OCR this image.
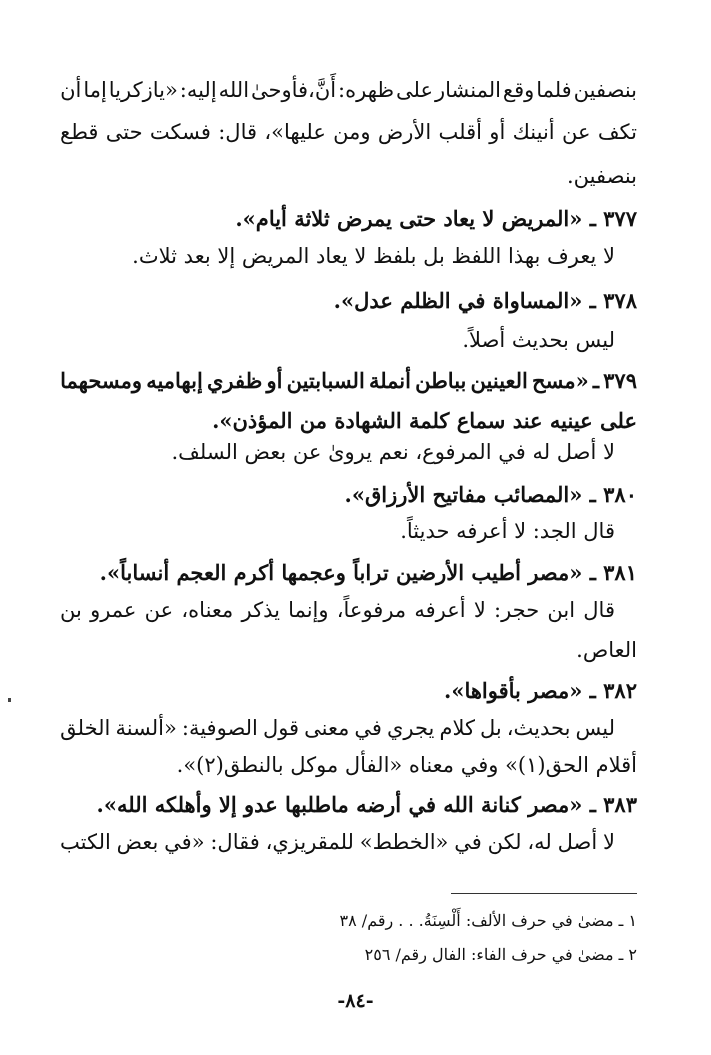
بنصفين
فلما
وقع
المنشار
على
ظهره:
أَنَّ،فأوحىٰ
الله
إليه:
«يازكريا
إما
أن
تكف
عن
أنينك
أو
أقلب
الأرض
ومن
عليها»،
قال:
فسكت
حتى
قطع
بنصفين.
٣٧٧ ـ «المريض لا يعاد حتى يمرض ثلاثة أيام».
لا يعرف بهذا اللفظ بل بلفظ لا يعاد المريض إلا بعد ثلاث.
٣٧٨ ـ «المساواة في الظلم عدل».
ليس بحديث أصلاً.
٣٧٩
ـ
«مسح
العينين
بباطن
أنملة
السبابتين
أو
ظفري
إبهاميه
ومسحهما
على عينيه عند سماع كلمة الشهادة من المؤذن».
لا أصل له في المرفوع، نعم يروىٰ عن بعض السلف.
٣٨٠ ـ «المصائب مفاتيح الأرزاق».
قال الجد: لا أعرفه حديثاً.
٣٨١ ـ «مصر أطيب الأرضين تراباً وعجمها أكرم العجم أنساباً».
قال
ابن
حجر:
لا
أعرفه
مرفوعاً،
وإنما
يذكر
معناه،
عن
عمرو
بن
العاص.
٣٨٢ ـ «مصر بأقواها».
ليس
بحديث،
بل
كلام
يجري
في
معنى
قول
الصوفية:
«ألسنة
الخلق
أقلام الحق(١)» وفي معناه «الفأل موكل بالنطق(٢)».
٣٨٣ ـ «مصر كنانة الله في أرضه ماطلبها عدو إلا وأهلكه الله».
لا
أصل
له،
لكن
في
«الخطط»
للمقريزي،
فقال:
«في
بعض
الكتب
١ ـ مضىٰ في حرف الألف: أَلْسِنَةُ. . . رقم/ ٣٨
٢ ـ مضىٰ في حرف الفاء: الفال رقم/ ٢٥٦
-٨٤-
